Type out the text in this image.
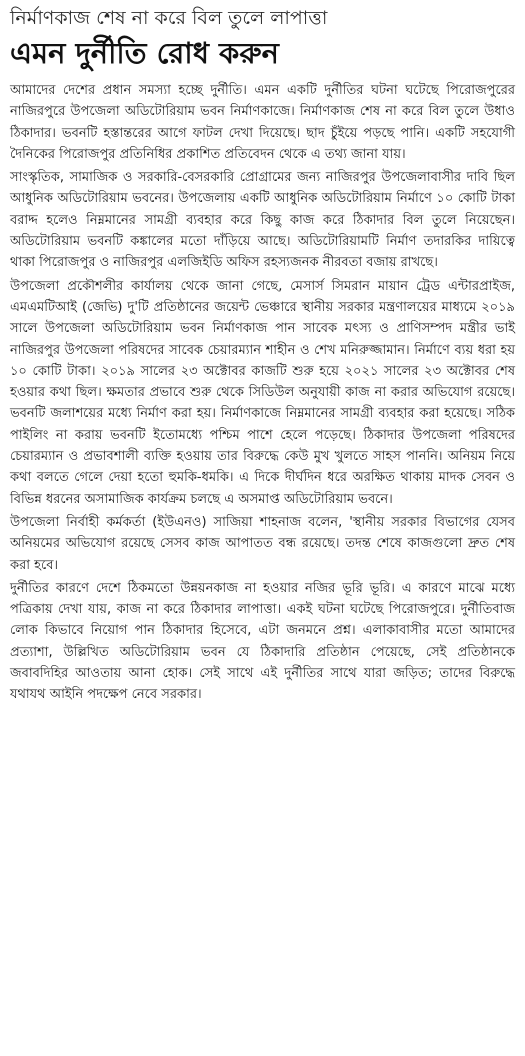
নির্মাণকাজ শেষ না করে বিল তুলে লাপাত্তা
এমন দুর্নীতি রোধ করুন

আমাদের দেশের প্রধান সমস্যা হচ্ছে দুর্নীতি। এমন একটি দুর্নীতির ঘটনা ঘটেছে পিরোজপুরের নাজিরপুরে উপজেলা অডিটোরিয়াম ভবন নির্মাণকাজে। নির্মাণকাজ শেষ না করে বিল তুলে উধাও ঠিকাদার। ভবনটি হস্তান্তরের আগে ফাটল দেখা দিয়েছে। ছাদ চুঁইয়ে পড়ছে পানি। একটি সহযোগী দৈনিকের পিরোজপুর প্রতিনিধির প্রকাশিত প্রতিবেদন থেকে এ তথ্য জানা যায়।

সাংস্কৃতিক, সামাজিক ও সরকারি-বেসরকারি প্রোগ্রামের জন্য নাজিরপুর উপজেলাবাসীর দাবি ছিল আধুনিক অডিটোরিয়াম ভবনের। উপজেলায় একটি আধুনিক অডিটোরিয়াম নির্মাণে ১০ কোটি টাকা বরাদ্দ হলেও নিম্নমানের সামগ্রী ব্যবহার করে কিছু কাজ করে ঠিকাদার বিল তুলে নিয়েছেন। অডিটোরিয়াম ভবনটি কঙ্কালের মতো দাঁড়িয়ে আছে। অডিটোরিয়ামটি নির্মাণ তদারকির দায়িত্বে থাকা পিরোজপুর ও নাজিরপুর এলজিইডি অফিস রহস্যজনক নীরবতা বজায় রাখছে।

উপজেলা প্রকৌশলীর কার্যালয় থেকে জানা গেছে, মেসার্স সিমরান মায়ান ট্রেড এন্টারপ্রাইজ, এমএমটিআই (জেভি) দু'টি প্রতিষ্ঠানের জয়েন্ট ভেঞ্চারে স্থানীয় সরকার মন্ত্রণালয়ের মাধ্যমে ২০১৯ সালে উপজেলা অডিটোরিয়াম ভবন নির্মাণকাজ পান সাবেক মৎস্য ও প্রাণিসম্পদ মন্ত্রীর ভাই নাজিরপুর উপজেলা পরিষদের সাবেক চেয়ারম্যান শাহীন ও শেখ মনিরুজ্জামান। নির্মাণে ব্যয় ধরা হয় ১০ কোটি টাকা। ২০১৯ সালের ২৩ অক্টোবর কাজটি শুরু হয়ে ২০২১ সালের ২৩ অক্টোবর শেষ হওয়ার কথা ছিল। ক্ষমতার প্রভাবে শুরু থেকে সিডিউল অনুযায়ী কাজ না করার অভিযোগ রয়েছে। ভবনটি জলাশয়ের মধ্যে নির্মাণ করা হয়। নির্মাণকাজে নিম্নমানের সামগ্রী ব্যবহার করা হয়েছে। সঠিক পাইলিং না করায় ভবনটি ইতোমধ্যে পশ্চিম পাশে হেলে পড়েছে। ঠিকাদার উপজেলা পরিষদের চেয়ারম্যান ও প্রভাবশালী ব্যক্তি হওয়ায় তার বিরুদ্ধে কেউ মুখ খুলতে সাহস পাননি। অনিয়ম নিয়ে কথা বলতে গেলে দেয়া হতো হুমকি-ধমকি। এ দিকে দীর্ঘদিন ধরে অরক্ষিত থাকায় মাদক সেবন ও বিভিন্ন ধরনের অসামাজিক কার্যক্রম চলছে এ অসমাপ্ত অডিটোরিয়াম ভবনে।

উপজেলা নির্বাহী কর্মকর্তা (ইউএনও) সাজিয়া শাহনাজ বলেন, 'স্থানীয় সরকার বিভাগের যেসব অনিয়মের অভিযোগ রয়েছে সেসব কাজ আপাতত বন্ধ রয়েছে। তদন্ত শেষে কাজগুলো দ্রুত শেষ করা হবে।

দুর্নীতির কারণে দেশে ঠিকমতো উন্নয়নকাজ না হওয়ার নজির ভূরি ভূরি। এ কারণে মাঝে মধ্যে পত্রিকায় দেখা যায়, কাজ না করে ঠিকাদার লাপাত্তা। একই ঘটনা ঘটেছে পিরোজপুরে। দুর্নীতিবাজ লোক কিভাবে নিয়োগ পান ঠিকাদার হিসেবে, এটা জনমনে প্রশ্ন। এলাকাবাসীর মতো আমাদের প্রত্যাশা, উল্লিখিত অডিটোরিয়াম ভবন যে ঠিকাদারি প্রতিষ্ঠান পেয়েছে, সেই প্রতিষ্ঠানকে জবাবদিহির আওতায় আনা হোক। সেই সাথে এই দুর্নীতির সাথে যারা জড়িত; তাদের বিরুদ্ধে যথাযথ আইনি পদক্ষেপ নেবে সরকার।
